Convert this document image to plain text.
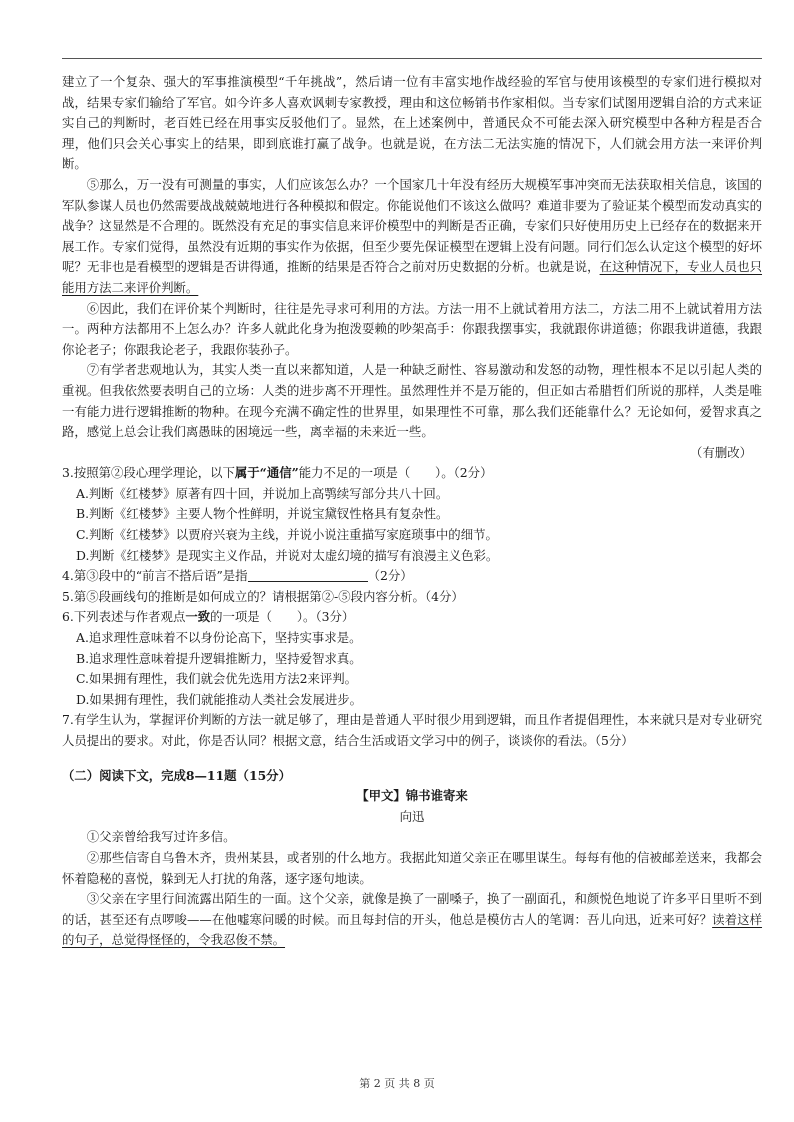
建立了一个复杂、强大的军事推演模型“千年挑战”，然后请一位有丰富实地作战经验的军官与使用该模型的专家们进行模拟对战，结果专家们输给了军官。如今许多人喜欢讽刺专家教授，理由和这位畅销书作家相似。当专家们试图用逻辑自洽的方式来证实自己的判断时，老百姓已经在用事实反驳他们了。显然，在上述案例中，普通民众不可能去深入研究模型中各种方程是否合理，他们只会关心事实上的结果，即到底谁打赢了战争。也就是说，在方法二无法实施的情况下，人们就会用方法一来评价判断。

⑤那么，万一没有可测量的事实，人们应该怎么办？一个国家几十年没有经历大规模军事冲突而无法获取相关信息，该国的军队参谋人员也仍然需要战战兢兢地进行各种模拟和假定。你能说他们不该这么做吗？难道非要为了验证某个模型而发动真实的战争？这显然是不合理的。既然没有充足的事实信息来评价模型中的判断是否正确，专家们只好使用历史上已经存在的数据来开展工作。专家们觉得，虽然没有近期的事实作为依据，但至少要先保证模型在逻辑上没有问题。同行们怎么认定这个模型的好坏呢？无非也是看模型的逻辑是否讲得通，推断的结果是否符合之前对历史数据的分析。也就是说，在这种情况下，专业人员也只能用方法二来评价判断。

⑥因此，我们在评价某个判断时，往往是先寻求可利用的方法。方法一用不上就试着用方法二，方法二用不上就试着用方法一。两种方法都用不上怎么办？许多人就此化身为抱泼耍赖的吵架高手：你跟我摆事实，我就跟你讲道德；你跟我讲道德，我跟你论老子；你跟我论老子，我跟你装孙子。

⑦有学者悲观地认为，其实人类一直以来都知道，人是一种缺乏耐性、容易激动和发怒的动物，理性根本不足以引起人类的重视。但我依然要表明自己的立场：人类的进步离不开理性。虽然理性并不是万能的，但正如古希腊哲们所说的那样，人类是唯一有能力进行逻辑推断的物种。在现今充满不确定性的世界里，如果理性不可靠，那么我们还能靠什么？无论如何，爱智求真之路，感觉上总会让我们离愚昧的困境远一些，离幸福的未来近一些。

（有删改）

3.按照第②段心理学理论，以下属于“通信”能力不足的一项是（　　）。（2分）

A.判断《红楼梦》原著有四十回，并说加上高鹗续写部分共八十回。

B.判断《红楼梦》主要人物个性鲜明，并说宝黛钗性格具有复杂性。

C.判断《红楼梦》以贾府兴衰为主线，并说小说注重描写家庭琐事中的细节。

D.判断《红楼梦》是现实主义作品，并说对太虚幻境的描写有浪漫主义色彩。

4.第③段中的“前言不搭后语”是指	（2分）

5.第⑤段画线句的推断是如何成立的？请根据第②-⑤段内容分析。（4分）

6.下列表述与作者观点一致的一项是（　　）。（3分）

A.追求理性意味着不以身份论高下，坚持实事求是。

B.追求理性意味着提升逻辑推断力，坚持爱智求真。

C.如果拥有理性，我们就会优先选用方法2来评判。

D.如果拥有理性，我们就能推动人类社会发展进步。

7.有学生认为，掌握评价判断的方法一就足够了，理由是普通人平时很少用到逻辑，而且作者提倡理性，本来就只是对专业研究人员提出的要求。对此，你是否认同？根据文意，结合生活或语文学习中的例子，谈谈你的看法。（5分）

（二）阅读下文，完成8—11题（15分）

【甲文】锦书谁寄来

向迅

①父亲曾给我写过许多信。

②那些信寄自乌鲁木齐，贵州某县，或者别的什么地方。我据此知道父亲正在哪里谋生。每每有他的信被邮差送来，我都会怀着隐秘的喜悦，躲到无人打扰的角落，逐字逐句地读。

③父亲在字里行间流露出陌生的一面。这个父亲，就像是换了一副嗓子，换了一副面孔，和颜悦色地说了许多平日里听不到的话，甚至还有点啰唆——在他嘘寒问暖的时候。而且每封信的开头，他总是模仿古人的笔调：吾儿向迅，近来可好？读着这样的句子，总觉得怪怪的，令我忍俊不禁。

第 2 页 共 8 页
